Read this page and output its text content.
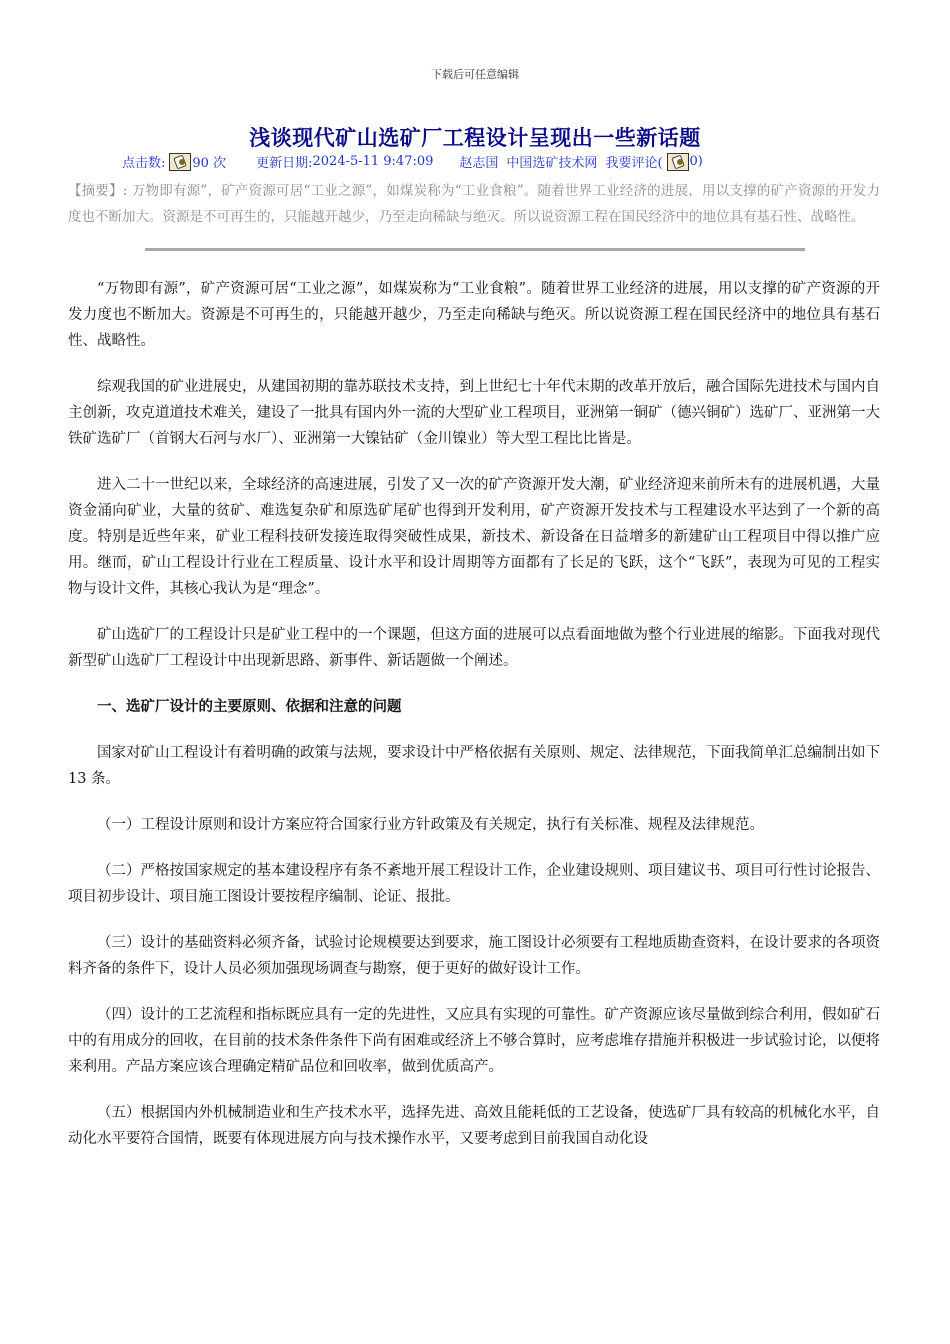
下载后可任意编辑
浅谈现代矿山选矿厂工程设计呈现出一些新话题
点击数: 90 次 更新日期: 2024-5-11 9:47:09 赵志国 中国选矿技术网 我要评论( 0)
【摘要】: 万物即有源”，矿产资源可居“工业之源”，如煤炭称为“工业食粮”。随着世界工业经济的进展，用以支撑的矿产资源的开发力度也不断加大。资源是不可再生的，只能越开越少，乃至走向稀缺与绝灭。所以说资源工程在国民经济中的地位具有基石性、战略性。

“万物即有源”，矿产资源可居“工业之源”，如煤炭称为“工业食粮”。随着世界工业经济的进展，用以支撑的矿产资源的开发力度也不断加大。资源是不可再生的，只能越开越少，乃至走向稀缺与绝灭。所以说资源工程在国民经济中的地位具有基石性、战略性。

综观我国的矿业进展史，从建国初期的靠苏联技术支持，到上世纪七十年代末期的改革开放后，融合国际先进技术与国内自主创新，攻克道道技术难关，建设了一批具有国内外一流的大型矿业工程项目，亚洲第一铜矿（德兴铜矿）选矿厂、亚洲第一大铁矿选矿厂（首钢大石河与水厂）、亚洲第一大镍钴矿（金川镍业）等大型工程比比皆是。

进入二十一世纪以来，全球经济的高速进展，引发了又一次的矿产资源开发大潮，矿业经济迎来前所未有的进展机遇，大量资金涌向矿业，大量的贫矿、难选复杂矿和原选矿尾矿也得到开发利用，矿产资源开发技术与工程建设水平达到了一个新的高度。特别是近些年来，矿业工程科技研发接连取得突破性成果，新技术、新设备在日益增多的新建矿山工程项目中得以推广应用。继而，矿山工程设计行业在工程质量、设计水平和设计周期等方面都有了长足的飞跃，这个“飞跃”，表现为可见的工程实物与设计文件，其核心我认为是“理念”。

矿山选矿厂的工程设计只是矿业工程中的一个课题，但这方面的进展可以点看面地做为整个行业进展的缩影。下面我对现代新型矿山选矿厂工程设计中出现新思路、新事件、新话题做一个阐述。

一、选矿厂设计的主要原则、依据和注意的问题

国家对矿山工程设计有着明确的政策与法规，要求设计中严格依据有关原则、规定、法律规范，下面我简单汇总编制出如下 13 条。

（一）工程设计原则和设计方案应符合国家行业方针政策及有关规定，执行有关标准、规程及法律规范。

（二）严格按国家规定的基本建设程序有条不紊地开展工程设计工作，企业建设规则、项目建议书、项目可行性讨论报告、项目初步设计、项目施工图设计要按程序编制、论证、报批。

（三）设计的基础资料必须齐备，试验讨论规模要达到要求，施工图设计必须要有工程地质勘查资料，在设计要求的各项资料齐备的条件下，设计人员必须加强现场调查与勘察，便于更好的做好设计工作。

（四）设计的工艺流程和指标既应具有一定的先进性，又应具有实现的可靠性。矿产资源应该尽量做到综合利用，假如矿石中的有用成分的回收，在目前的技术条件条件下尚有困难或经济上不够合算时，应考虑堆存措施并积极进一步试验讨论，以便将来利用。产品方案应该合理确定精矿品位和回收率，做到优质高产。

（五）根据国内外机械制造业和生产技术水平，选择先进、高效且能耗低的工艺设备，使选矿厂具有较高的机械化水平，自动化水平要符合国情，既要有体现进展方向与技术操作水平，又要考虑到目前我国自动化设
